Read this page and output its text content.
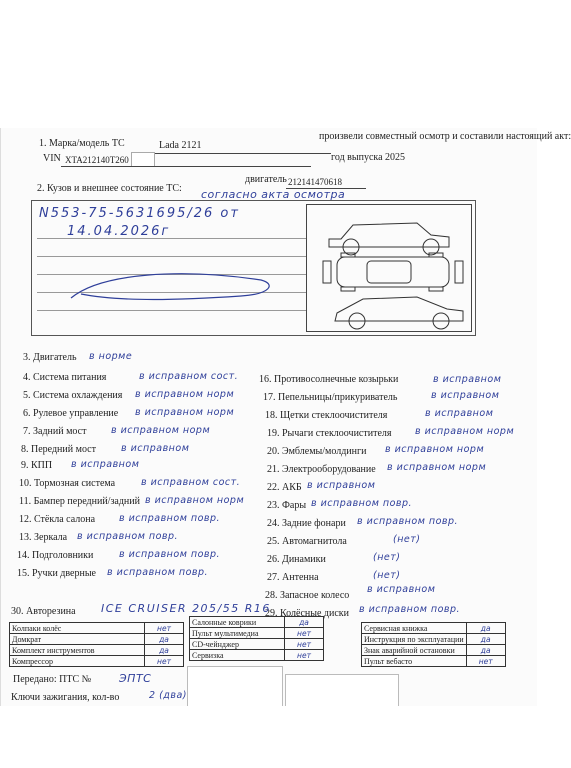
произвели совместный осмотр и составили настоящий акт:
1. Марка/модель ТС	Lada 2121
VIN XTA212140T260	год выпуска 2025
двигатель 212141470618
2. Кузов и внешнее состояние ТС: согласно акта осмотра
N553-75-5631695/26 от
14.04.2026г
3. Двигатель в норме
4. Система питания	в исправном сост.
5. Система охлаждения в исправном норм
6. Рулевое управление в исправном норм
7. Задний мост	в исправном норм
8. Передний мост	в исправном
9. КПП в исправном
10. Тормозная система	в исправном сост.
11. Бампер передний/задний в исправном норм
12. Стёкла салона	в исправном повр.
13. Зеркала в исправном повр.
14. Подголовники	в исправном повр.
15. Ручки дверные в исправном повр.
16. Противосолнечные козырьки	в исправном
17. Пепельницы/прикуриватель	в исправном
18. Щетки стеклоочистителя	в исправном
19. Рычаги стеклоочистителя в исправном норм
20. Эмблемы/молдинги в исправном норм
21. Электрооборудование в исправном норм
22. АКБ в исправном
23. Фары в исправном повр.
24. Задние фонари в исправном повр.
25. Автомагнитола	(нет)
26. Динамики	(нет)
27. Антенна	(нет)
28. Запасное колесо
в исправном
29. Колёсные диски в исправном повр.
30. Авторезина ICE CRUISER 205/55 R16
Колпаки колёс	нет
Домкрат	да
Комплект инструментов	да
Компрессор	нет
Салонные коврики	да
Пульт мультимедиа	нет
CD-чейнджер	нет
Сервизка	нет
Сервисная книжка	да
Инструкция по эксплуатации	да
Знак аварийной остановки	да
Пульт вебасто	нет
Передано: ПТС №	ЭПТС
Ключи зажигания, кол-во	2 (два)
